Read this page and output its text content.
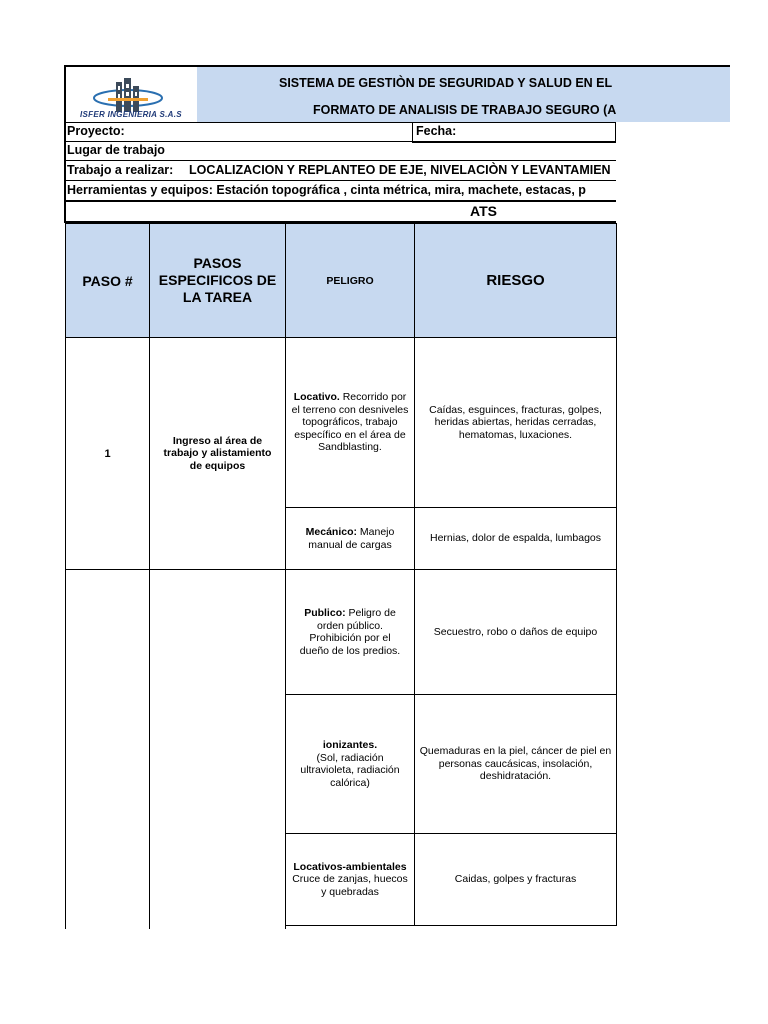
ISFER INGENIERIA S.A.S
SISTEMA DE GESTIÒN DE SEGURIDAD Y SALUD EN EL
FORMATO DE ANALISIS DE TRABAJO SEGURO (A
Proyecto:	Fecha:
Lugar de trabajo
Trabajo a realizar: LOCALIZACION Y REPLANTEO DE EJE, NIVELACIÒN Y LEVANTAMIEN
Herramientas y equipos: Estación topográfica , cinta métrica, mira, machete, estacas, p
ATS
PASO #
PASOS ESPECIFICOS DE LA TAREA
PELIGRO	RIESGO
1
Ingreso al área de trabajo y alistamiento de equipos
Locativo. Recorrido por el terreno con desniveles topográficos, trabajo específico en el área de Sandblasting.
Caídas, esguinces, fracturas, golpes, heridas abiertas, heridas cerradas, hematomas, luxaciones.
Mecánico: Manejo manual de cargas
Hernias, dolor de espalda, lumbagos
Publico: Peligro de orden público. Prohibición por el dueño de los predios.
Secuestro, robo o daños de equipo
ionizantes.
(Sol, radiación ultravioleta, radiación calórica)
Quemaduras en la piel, cáncer de piel en personas caucásicas, insolación, deshidratación.
Locativos-ambientales
Cruce de zanjas, huecos y quebradas
Caidas, golpes y fracturas
